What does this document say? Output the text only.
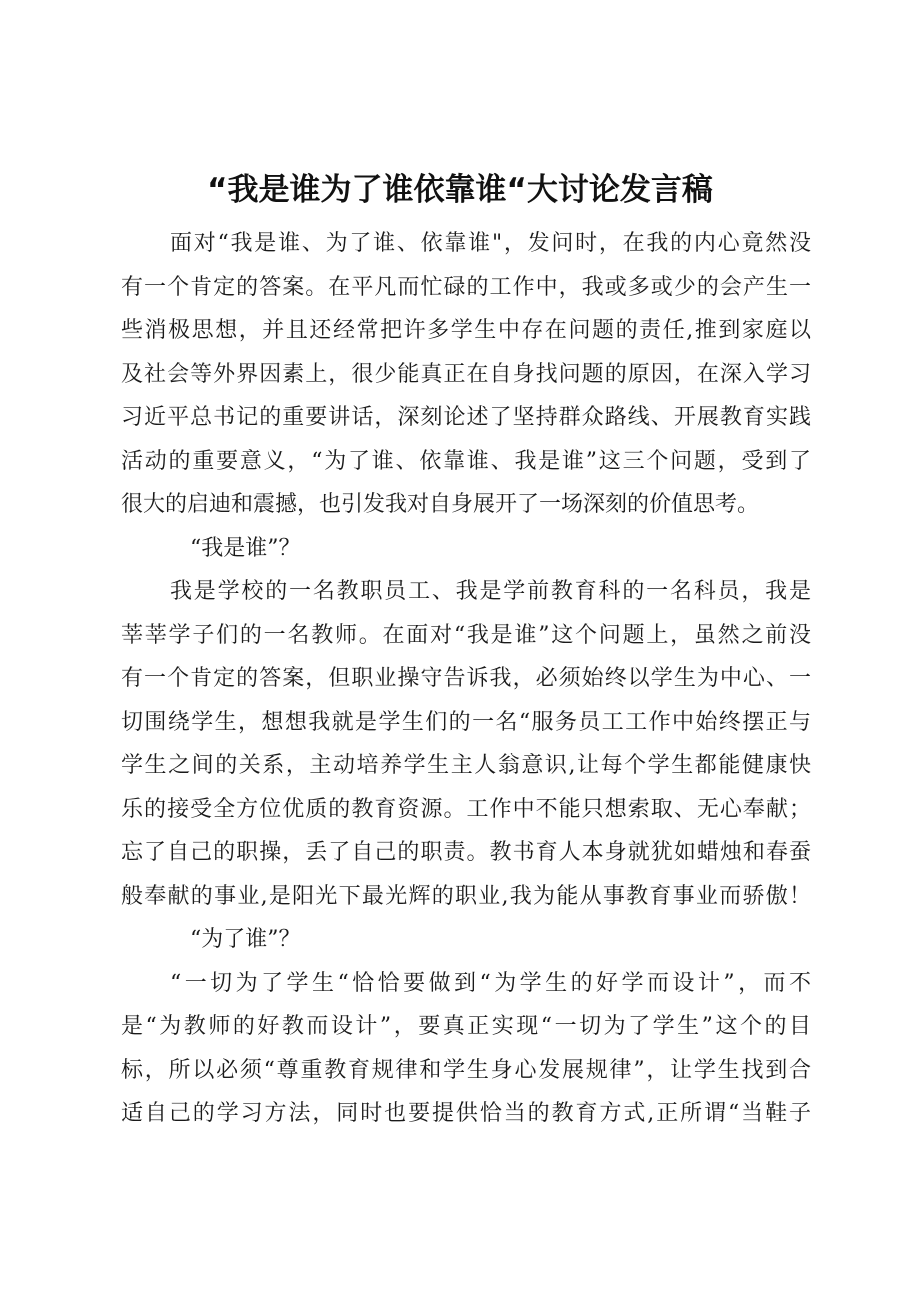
“我是谁为了谁依靠谁“大讨论发言稿
面对“我是谁、为了谁、依靠谁"，发问时，在我的内心竟然没
有一个肯定的答案。在平凡而忙碌的工作中，我或多或少的会产生一
些消极思想，并且还经常把许多学生中存在问题的责任,推到家庭以
及社会等外界因素上，很少能真正在自身找问题的原因，在深入学习
习近平总书记的重要讲话，深刻论述了坚持群众路线、开展教育实践
活动的重要意义，“为了谁、依靠谁、我是谁”这三个问题，受到了
很大的启迪和震撼，也引发我对自身展开了一场深刻的价值思考。
“我是谁”？
我是学校的一名教职员工、我是学前教育科的一名科员，我是
莘莘学子们的一名教师。在面对“我是谁”这个问题上，虽然之前没
有一个肯定的答案，但职业操守告诉我，必须始终以学生为中心、一
切围绕学生，想想我就是学生们的一名“服务员工工作中始终摆正与
学生之间的关系，主动培养学生主人翁意识,让每个学生都能健康快
乐的接受全方位优质的教育资源。工作中不能只想索取、无心奉献；
忘了自己的职操，丢了自己的职责。教书育人本身就犹如蜡烛和春蚕
般奉献的事业,是阳光下最光辉的职业,我为能从事教育事业而骄傲！
“为了谁”？
“一切为了学生“恰恰要做到“为学生的好学而设计”，而不
是“为教师的好教而设计”，要真正实现“一切为了学生”这个的目
标，所以必须“尊重教育规律和学生身心发展规律”，让学生找到合
适自己的学习方法，同时也要提供恰当的教育方式,正所谓“当鞋子
